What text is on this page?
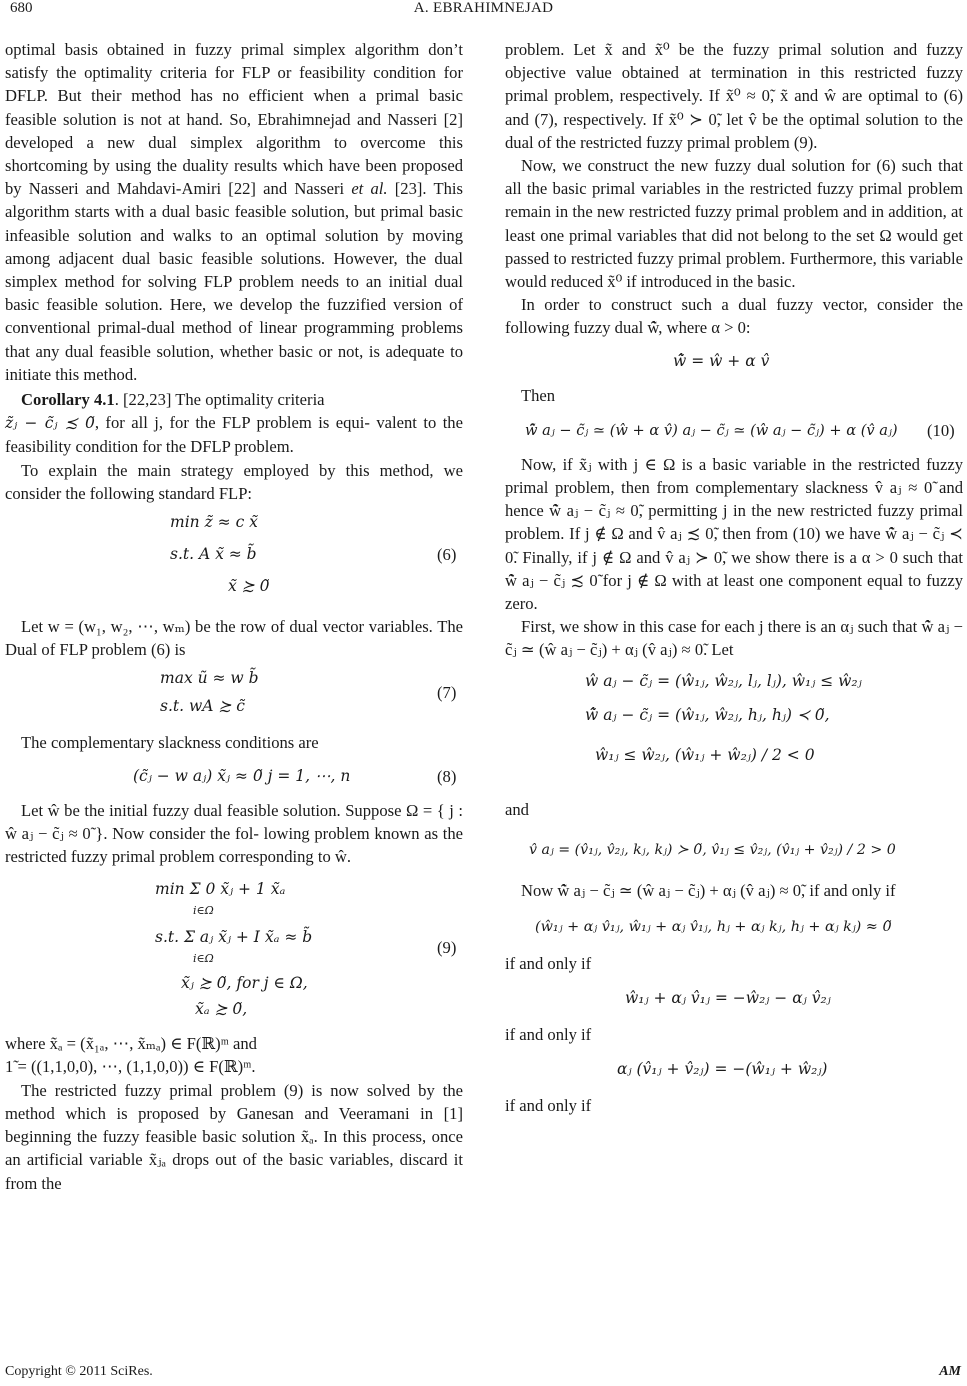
680	A. EBRAHIMNEJAD

optimal basis obtained in fuzzy primal simplex algorithm don’t satisfy the optimality criteria for FLP or feasibility condition for DFLP. But their method has no efficient when a primal basic feasible solution is not at hand. So, Ebrahimnejad and Nasseri [2] developed a new dual simplex algorithm to overcome this shortcoming by using the duality results which have been proposed by Nasseri and Mahdavi-Amiri [22] and Nasseri et al. [23]. This algorithm starts with a dual basic feasible solution, but primal basic infeasible solution and walks to an optimal solution by moving among adjacent dual basic feasible solutions. However, the dual simplex method for solving FLP problem needs to an initial dual basic feasible solution. Here, we develop the fuzzified version of conventional primal-dual method of linear programming problems that any dual feasible solution, whether basic or not, is adequate to initiate this method.

Corollary 4.1. [22,23] The optimality criteria
z̃ⱼ − c̃ⱼ ≾ 0̃, for all j, for the FLP problem is equi- valent to the feasibility condition for the DFLP problem.

To explain the main strategy employed by this method, we consider the following standard FLP:

min z̃ ≈ c x̃
s.t. A x̃ ≈ b̃
x̃ ≿ 0̃
(6)

Let w = (w₁, w₂, ⋯, wₘ) be the row of dual vector variables. The Dual of FLP problem (6) is

max ũ ≈ w b̃
s.t. wA ≿ c̃
(7)

The complementary slackness conditions are

(c̃ⱼ − w aⱼ) x̃ⱼ ≈ 0̃ j = 1, ⋯, n	(8)

Let ŵ be the initial fuzzy dual feasible solution. Suppose Ω = { j : ŵ aⱼ − c̃ⱼ ≈ 0̃ }. Now consider the fol- lowing problem known as the restricted fuzzy primal problem corresponding to ŵ.

min Σ 0 x̃ⱼ + 1 x̃ₐ
i∈Ω
s.t. Σ aⱼ x̃ⱼ + I x̃ₐ ≈ b̃
i∈Ω
x̃ⱼ ≿ 0̃, for j ∈ Ω,
x̃ₐ ≿ 0̃,
(9)

where x̃ₐ = (x̃₁ₐ, ⋯, x̃ₘₐ) ∈ F(ℝ)ᵐ and
1̃ = ((1,1,0,0), ⋯, (1,1,0,0)) ∈ F(ℝ)ᵐ.

The restricted fuzzy primal problem (9) is now solved by the method which is proposed by Ganesan and Veeramani in [1] beginning the fuzzy feasible basic solution x̃ₐ. In this process, once an artificial variable x̃ⱼₐ drops out of the basic variables, discard it from the

problem. Let x̃ and x̃⁰ be the fuzzy primal solution and fuzzy objective value obtained at termination in this restricted fuzzy primal problem, respectively. If x̃⁰ ≈ 0̃, x̃ and ŵ are optimal to (6) and (7), respectively. If x̃⁰ ≻ 0̃, let v̂ be the optimal solution to the dual of the restricted fuzzy primal problem (9).

Now, we construct the new fuzzy dual solution for (6) such that all the basic primal variables in the restricted fuzzy primal problem remain in the new restricted fuzzy primal problem and in addition, at least one primal variables that did not belong to the set Ω would get passed to restricted fuzzy primal problem. Furthermore, this variable would reduced x̃⁰ if introduced in the basic.

In order to construct such a dual fuzzy vector, consider the following fuzzy dual w̃̂, where α > 0:

w̃̂ = ŵ + α v̂

Then

w̃̂ aⱼ − c̃ⱼ ≃ (ŵ + α v̂) aⱼ − c̃ⱼ ≃ (ŵ aⱼ − c̃ⱼ) + α (v̂ aⱼ) (10)

Now, if x̃ⱼ with j ∈ Ω is a basic variable in the restricted fuzzy primal problem, then from complementary slackness v̂ aⱼ ≈ 0̃ and hence w̃̂ aⱼ − c̃ⱼ ≈ 0̃, permitting j in the new restricted fuzzy primal problem. If j ∉ Ω and v̂ aⱼ ≾ 0̃, then from (10) we have w̃̂ aⱼ − c̃ⱼ ≺ 0̃. Finally, if j ∉ Ω and v̂ aⱼ ≻ 0̃, we show there is a α > 0 such that w̃̂ aⱼ − c̃ⱼ ≾ 0̃ for j ∉ Ω with at least one component equal to fuzzy zero.

First, we show in this case for each j there is an αⱼ such that w̃̂ aⱼ − c̃ⱼ ≃ (ŵ aⱼ − c̃ⱼ) + αⱼ (v̂ aⱼ) ≈ 0̃. Let

ŵ aⱼ − c̃ⱼ = (ŵ₁ⱼ, ŵ₂ⱼ, lⱼ, lⱼ), ŵ₁ⱼ ≤ ŵ₂ⱼ
w̃̂ aⱼ − c̃ⱼ = (ŵ₁ⱼ, ŵ₂ⱼ, hⱼ, hⱼ) ≺ 0̃,
ŵ₁ⱼ ≤ ŵ₂ⱼ, (ŵ₁ⱼ + ŵ₂ⱼ) / 2 < 0

and

v̂ aⱼ = (v̂₁ⱼ, v̂₂ⱼ, kⱼ, kⱼ) ≻ 0̃, v̂₁ⱼ ≤ v̂₂ⱼ, (v̂₁ⱼ + v̂₂ⱼ) / 2 > 0

Now w̃̂ aⱼ − c̃ⱼ ≃ (ŵ aⱼ − c̃ⱼ) + αⱼ (v̂ aⱼ) ≈ 0̃, if and only if

(ŵ₁ⱼ + αⱼ v̂₁ⱼ, ŵ₁ⱼ + αⱼ v̂₁ⱼ, hⱼ + αⱼ kⱼ, hⱼ + αⱼ kⱼ) ≈ 0̃

if and only if

ŵ₁ⱼ + αⱼ v̂₁ⱼ = −ŵ₂ⱼ − αⱼ v̂₂ⱼ

if and only if

αⱼ (v̂₁ⱼ + v̂₂ⱼ) = −(ŵ₁ⱼ + ŵ₂ⱼ)

if and only if

Copyright © 2011 SciRes.	AM
